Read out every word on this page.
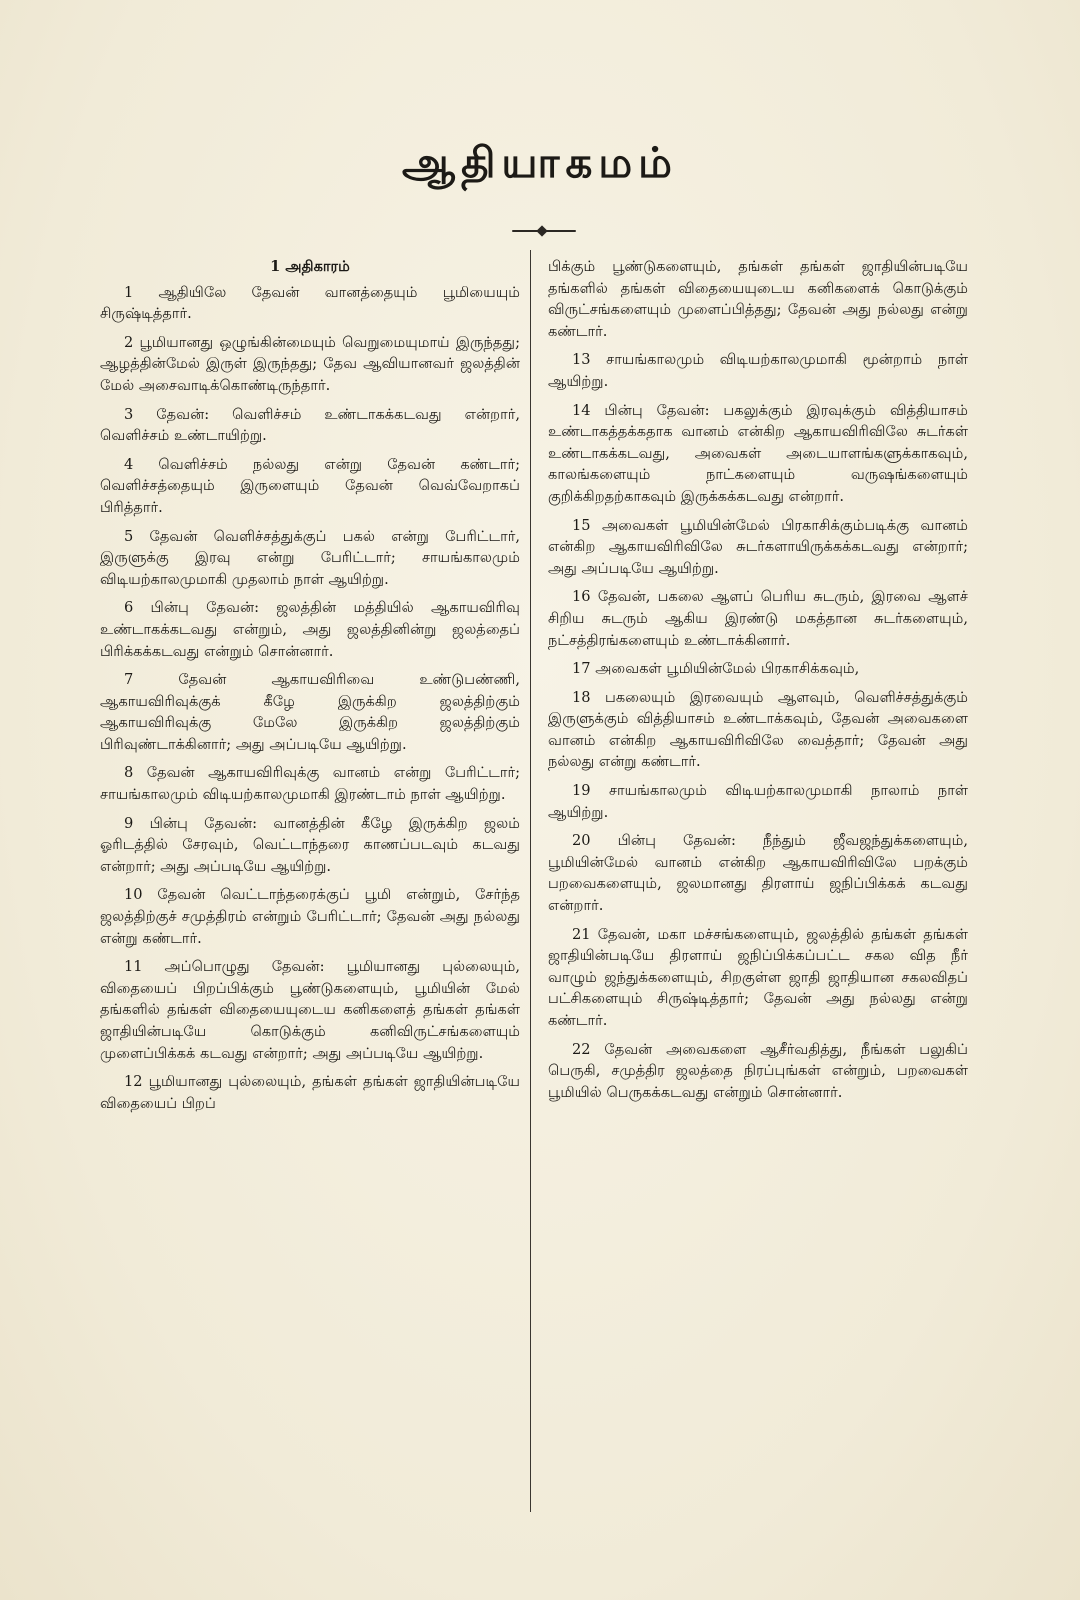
ஆதியாகமம்
1 அதிகாரம்

1 ஆதியிலே தேவன் வானத்தையும் பூமியையும் சிருஷ்டித்தார்.

2 பூமியானது ஒழுங்கின்மையும் வெறுமையுமாய் இருந்தது; ஆழத்தின்மேல் இருள் இருந்தது; தேவ ஆவியானவர் ஜலத்தின் மேல் அசைவாடிக்கொண்டிருந்தார்.

3 தேவன்: வெளிச்சம் உண்டாகக்கடவது என்றார், வெளிச்சம் உண்டாயிற்று.

4 வெளிச்சம் நல்லது என்று தேவன் கண்டார்; வெளிச்சத்தையும் இருளையும் தேவன் வெவ்வேறாகப் பிரித்தார்.

5 தேவன் வெளிச்சத்துக்குப் பகல் என்று பேரிட்டார், இருளுக்கு இரவு என்று பேரிட்டார்; சாயங்காலமும் விடியற்காலமுமாகி முதலாம் நாள் ஆயிற்று.

6 பின்பு தேவன்: ஜலத்தின் மத்தியில் ஆகாயவிரிவு உண்டாகக்கடவது என்றும், அது ஜலத்தினின்று ஜலத்தைப் பிரிக்கக்கடவது என்றும் சொன்னார்.

7 தேவன் ஆகாயவிரிவை உண்டுபண்ணி, ஆகாயவிரிவுக்குக் கீழே இருக்கிற ஜலத்திற்கும் ஆகாயவிரிவுக்கு மேலே இருக்கிற ஜலத்திற்கும் பிரிவுண்டாக்கினார்; அது அப்படியே ஆயிற்று.

8 தேவன் ஆகாயவிரிவுக்கு வானம் என்று பேரிட்டார்; சாயங்காலமும் விடியற்காலமுமாகி இரண்டாம் நாள் ஆயிற்று.

9 பின்பு தேவன்: வானத்தின் கீழே இருக்கிற ஜலம் ஓரிடத்தில் சேரவும், வெட்டாந்தரை காணப்படவும் கடவது என்றார்; அது அப்படியே ஆயிற்று.

10 தேவன் வெட்டாந்தரைக்குப் பூமி என்றும், சேர்ந்த ஜலத்திற்குச் சமுத்திரம் என்றும் பேரிட்டார்; தேவன் அது நல்லது என்று கண்டார்.

11 அப்பொழுது தேவன்: பூமியானது புல்லையும், விதையைப் பிறப்பிக்கும் பூண்டுகளையும், பூமியின் மேல் தங்களில் தங்கள் விதையையுடைய கனிகளைத் தங்கள் தங்கள் ஜாதியின்படியே கொடுக்கும் கனிவிருட்சங்களையும் முளைப்பிக்கக் கடவது என்றார்; அது அப்படியே ஆயிற்று.

12 பூமியானது புல்லையும், தங்கள் தங்கள் ஜாதியின்படியே விதையைப் பிறப்

பிக்கும் பூண்டுகளையும், தங்கள் தங்கள் ஜாதியின்படியே தங்களில் தங்கள் விதையையுடைய கனிகளைக் கொடுக்கும் விருட்சங்களையும் முளைப்பித்தது; தேவன் அது நல்லது என்று கண்டார்.

13 சாயங்காலமும் விடியற்காலமுமாகி மூன்றாம் நாள் ஆயிற்று.

14 பின்பு தேவன்: பகலுக்கும் இரவுக்கும் வித்தியாசம் உண்டாகத்தக்கதாக வானம் என்கிற ஆகாயவிரிவிலே சுடர்கள் உண்டாகக்கடவது, அவைகள் அடையாளங்களுக்காகவும், காலங்களையும் நாட்களையும் வருஷங்களையும் குறிக்கிறதற்காகவும் இருக்கக்கடவது என்றார்.

15 அவைகள் பூமியின்மேல் பிரகாசிக்கும்படிக்கு வானம் என்கிற ஆகாயவிரிவிலே சுடர்களாயிருக்கக்கடவது என்றார்; அது அப்படியே ஆயிற்று.

16 தேவன், பகலை ஆளப் பெரிய சுடரும், இரவை ஆளச் சிறிய சுடரும் ஆகிய இரண்டு மகத்தான சுடர்களையும், நட்சத்திரங்களையும் உண்டாக்கினார்.

17 அவைகள் பூமியின்மேல் பிரகாசிக்கவும்,

18 பகலையும் இரவையும் ஆளவும், வெளிச்சத்துக்கும் இருளுக்கும் வித்தியாசம் உண்டாக்கவும், தேவன் அவைகளை வானம் என்கிற ஆகாயவிரிவிலே வைத்தார்; தேவன் அது நல்லது என்று கண்டார்.

19 சாயங்காலமும் விடியற்காலமுமாகி நாலாம் நாள் ஆயிற்று.

20 பின்பு தேவன்: நீந்தும் ஜீவஜந்துக்களையும், பூமியின்மேல் வானம் என்கிற ஆகாயவிரிவிலே பறக்கும் பறவைகளையும், ஜலமானது திரளாய் ஜநிப்பிக்கக் கடவது என்றார்.

21 தேவன், மகா மச்சங்களையும், ஜலத்தில் தங்கள் தங்கள் ஜாதியின்படியே திரளாய் ஜநிப்பிக்கப்பட்ட சகல வித நீர் வாழும் ஜந்துக்களையும், சிறகுள்ள ஜாதி ஜாதியான சகலவிதப் பட்சிகளையும் சிருஷ்டித்தார்; தேவன் அது நல்லது என்று கண்டார்.

22 தேவன் அவைகளை ஆசீர்வதித்து, நீங்கள் பலுகிப் பெருகி, சமுத்திர ஜலத்தை நிரப்புங்கள் என்றும், பறவைகள் பூமியில் பெருகக்கடவது என்றும் சொன்னார்.
